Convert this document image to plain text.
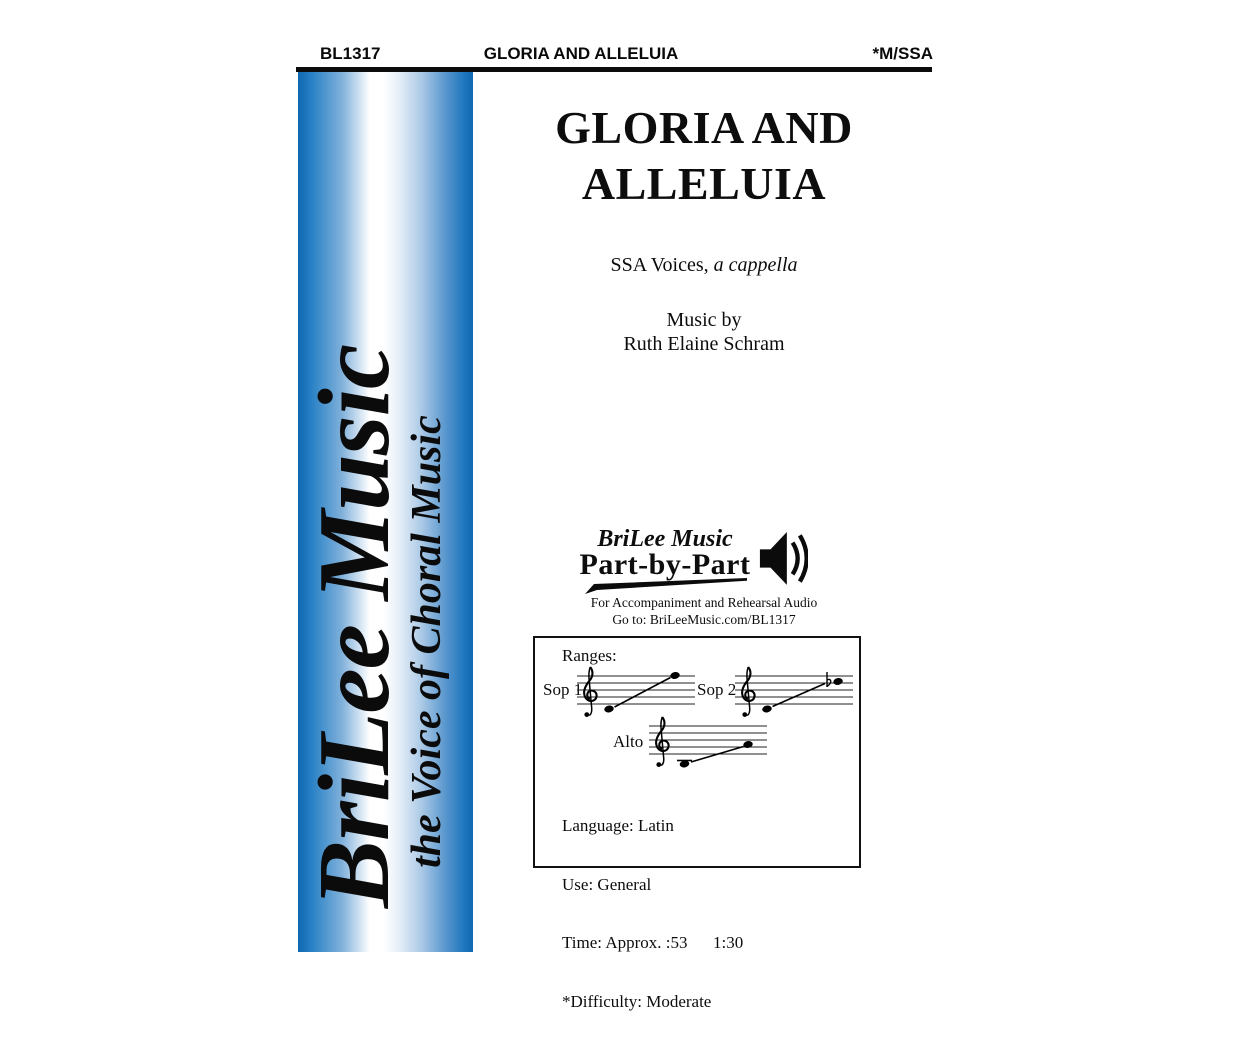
BL1317	GLORIA AND ALLELUIA	*M/SSA
BriLee Music
the Voice of Choral Music
GLORIA AND
ALLELUIA
SSA Voices, a cappella
Music by
Ruth Elaine Schram
BriLee Music
Part-by-Part
For Accompaniment and Rehearsal Audio
Go to: BriLeeMusic.com/BL1317
Ranges:
Sop 1	Sop 2
Alto

Language: Latin

Use: General

Time: Approx. :53      1:30

*Difficulty: Moderate
